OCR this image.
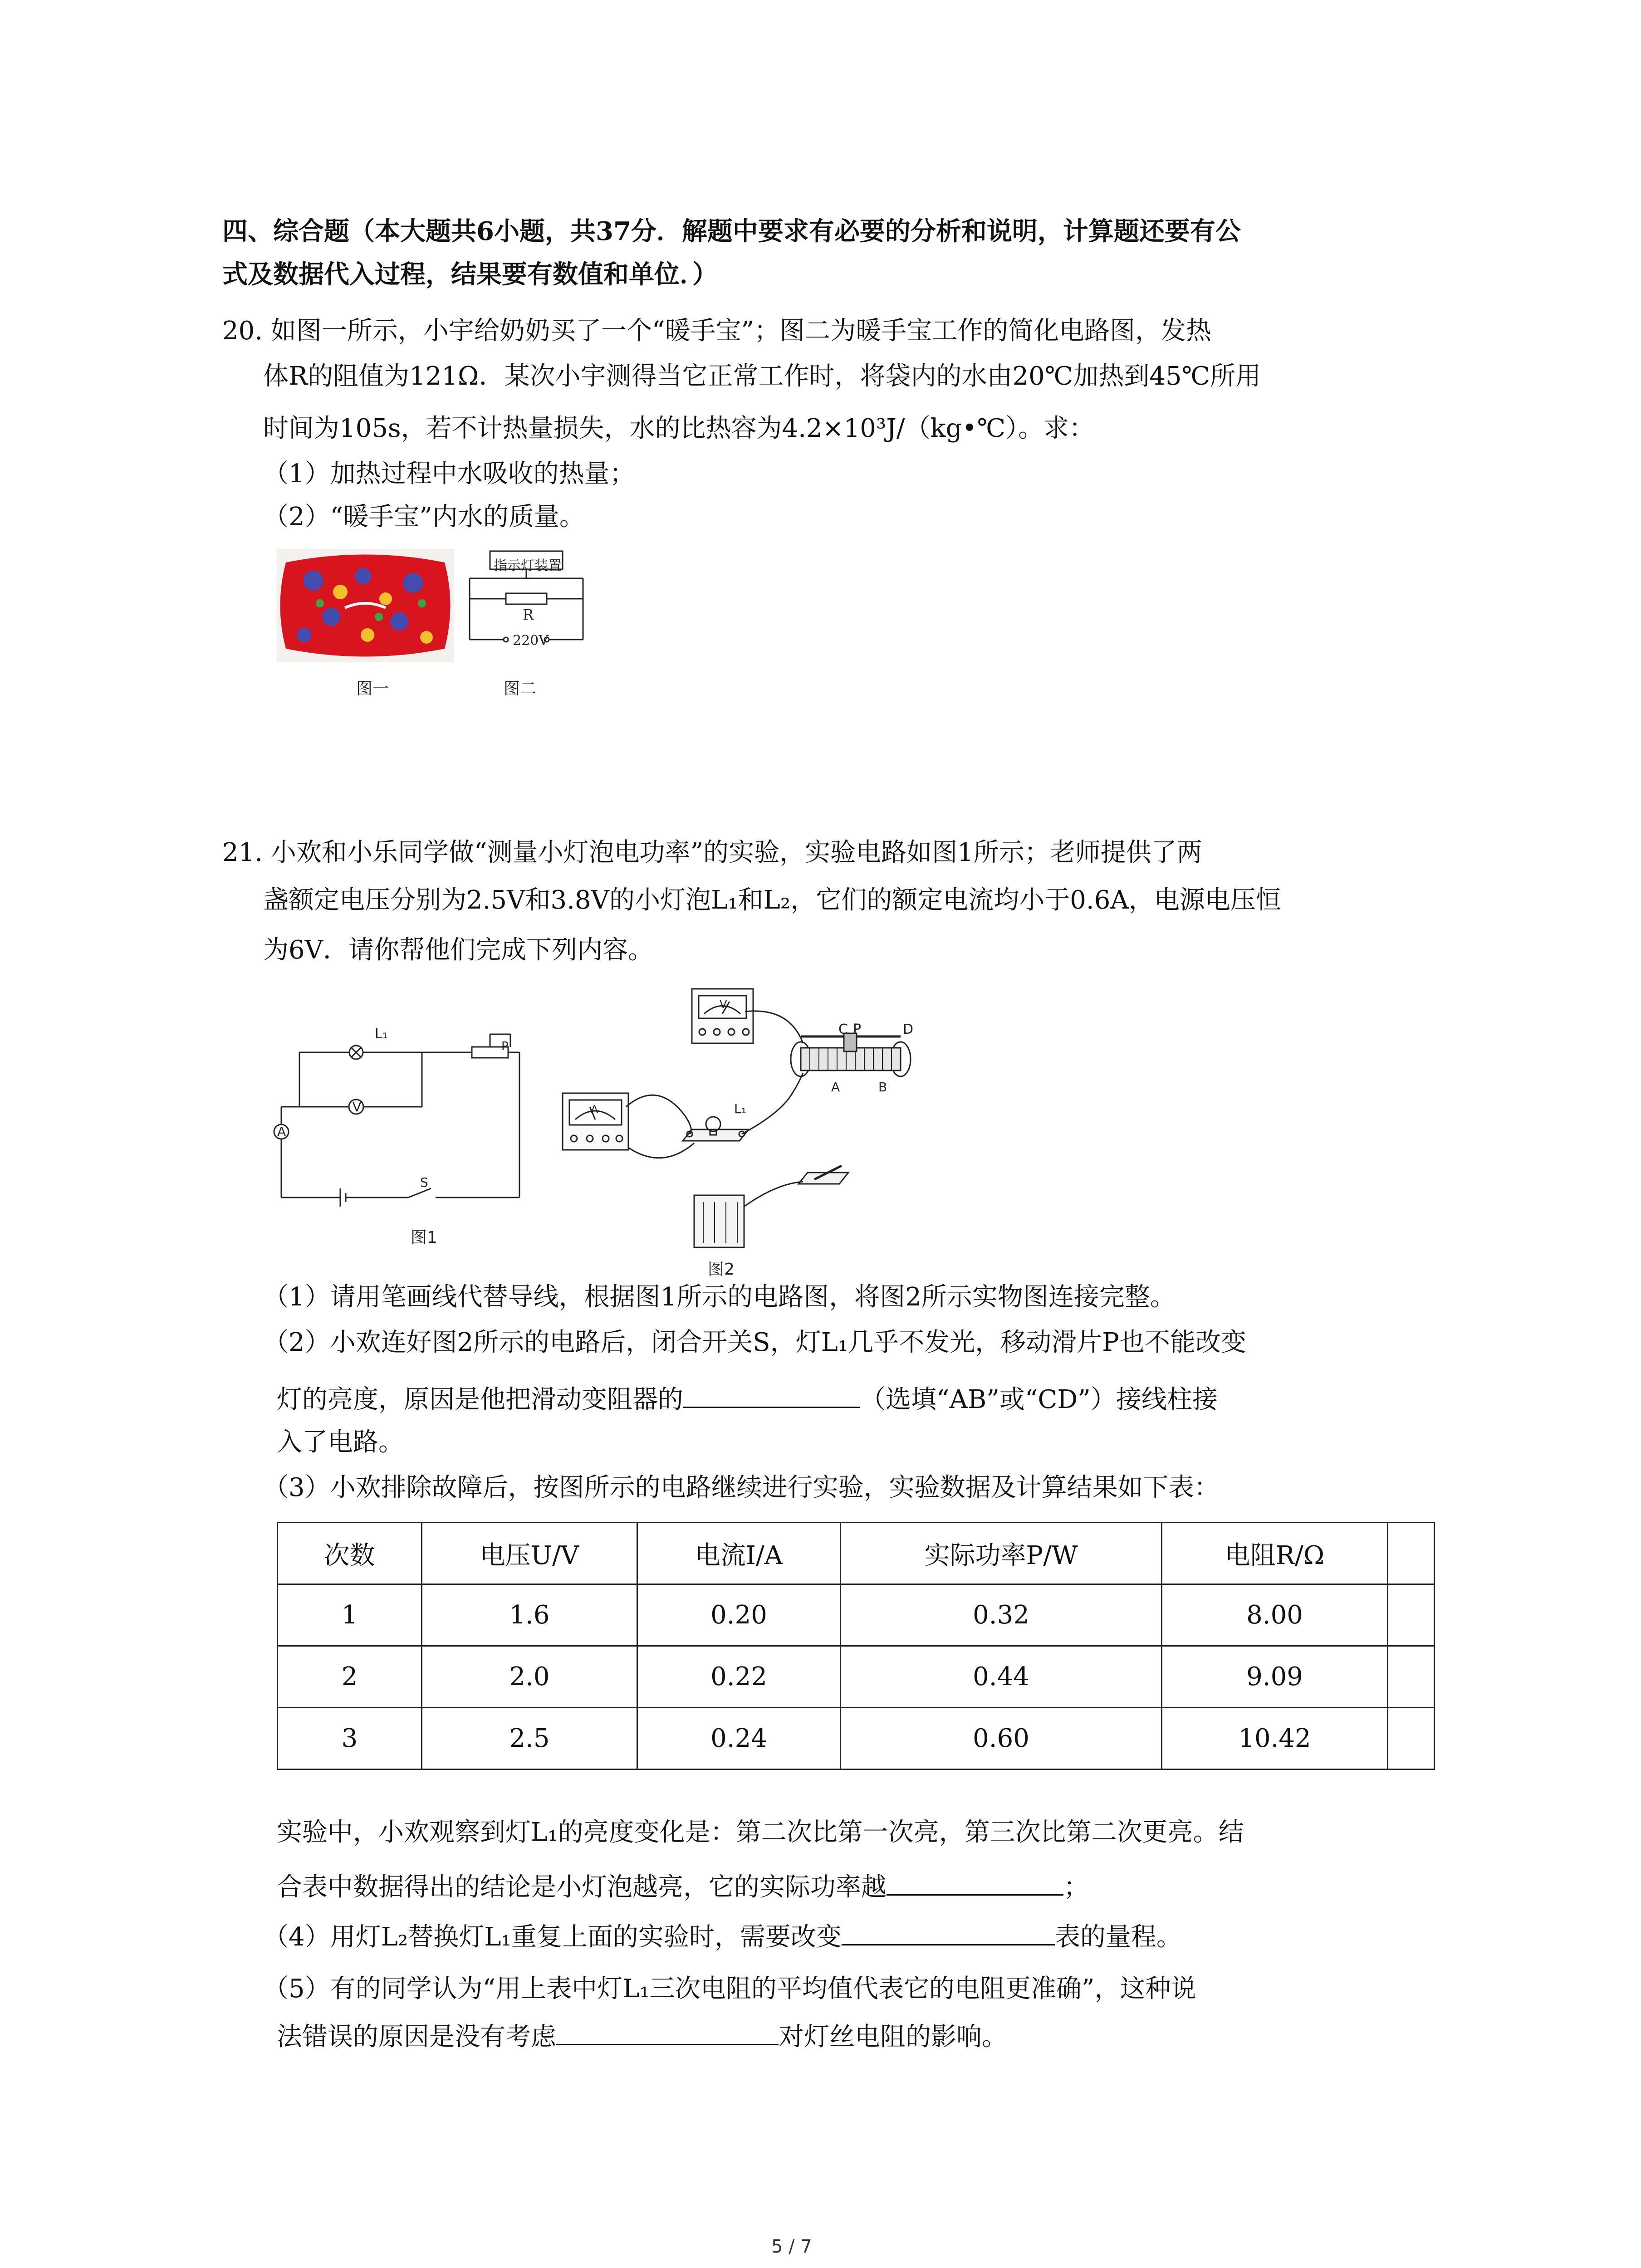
四、综合题（本大题共6小题，共37分．解题中要求有必要的分析和说明，计算题还要有公
式及数据代入过程，结果要有数值和单位．）
20. 如图一所示，小宇给奶奶买了一个“暖手宝”；图二为暖手宝工作的简化电路图，发热
体R的阻值为121Ω．某次小宇测得当它正常工作时，将袋内的水由20℃加热到45℃所用
时间为105s，若不计热量损失，水的比热容为4.2×10³J/（kg•℃）。求：
（1）加热过程中水吸收的热量；
（2）“暖手宝”内水的质量。
图一
指示灯装置
R
220V
图二
21. 小欢和小乐同学做“测量小灯泡电功率”的实验，实验电路如图1所示；老师提供了两
盏额定电压分别为2.5V和3.8V的小灯泡L₁和L₂，它们的额定电流均小于0.6A，电源电压恒
为6V．请你帮他们完成下列内容。
L₁
V
A
S
P
图1
C P	D
A	B
L₁
V
A
图2
（1）请用笔画线代替导线，根据图1所示的电路图，将图2所示实物图连接完整。
（2）小欢连好图2所示的电路后，闭合开关S，灯L₁几乎不发光，移动滑片P也不能改变
灯的亮度，原因是他把滑动变阻器的	（选填“AB”或“CD”）接线柱接
入了电路。
（3）小欢排除故障后，按图所示的电路继续进行实验，实验数据及计算结果如下表：
次数	电压U/V	电流I/A	实际功率P/W	电阻R/Ω	
1	1.6	0.20	0.32	8.00	
2	2.0	0.22	0.44	9.09	
3	2.5	0.24	0.60	10.42	
实验中，小欢观察到灯L₁的亮度变化是：第二次比第一次亮，第三次比第二次更亮。结
合表中数据得出的结论是小灯泡越亮，它的实际功率越	；
（4）用灯L₂替换灯L₁重复上面的实验时，需要改变	表的量程。
（5）有的同学认为“用上表中灯L₁三次电阻的平均值代表它的电阻更准确”，这种说
法错误的原因是没有考虑	对灯丝电阻的影响。
5 / 7
